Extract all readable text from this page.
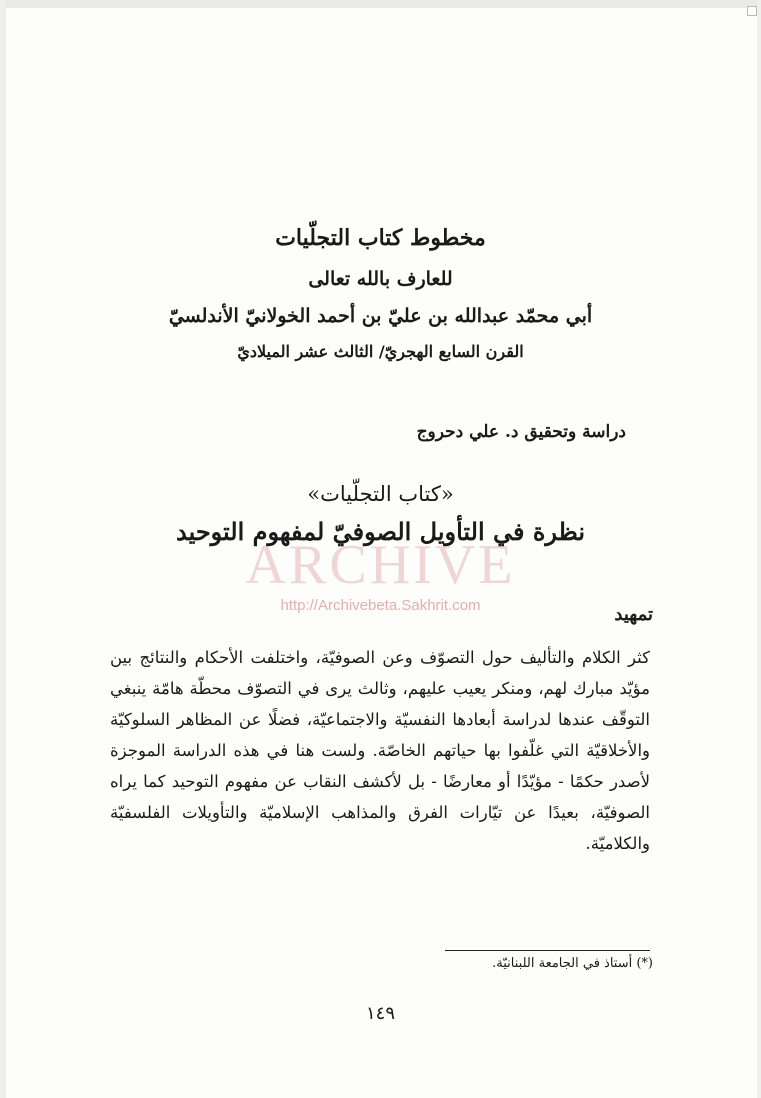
مخطوط كتاب التجلّيات
للعارف بالله تعالى
أبي محمّد عبدالله بن عليّ بن أحمد الخولانيّ الأندلسيّ
القرن السابع الهجريّ/ الثالث عشر الميلاديّ
دراسة وتحقيق د. علي دحروج
«كتاب التجلّيات»
نظرة في التأويل الصوفيّ لمفهوم التوحيد
ARCHIVE
http://Archivebeta.Sakhrit.com	تمهيد
كثر الكلام والتأليف حول التصوّف وعن الصوفيّة، واختلفت الأحكام والنتائج بين مؤيّد مبارك لهم، ومنكر يعيب عليهم، وثالث يرى في التصوّف محطّة هامّة ينبغي التوقّف عندها لدراسة أبعادها النفسيّة والاجتماعيّة، فضلًا عن المظاهر السلوكيّة والأخلاقيّة التي غلّفوا بها حياتهم الخاصّة. ولست هنا في هذه الدراسة الموجزة لأصدر حكمًا - مؤيّدًا أو معارضًا - بل لأكشف النقاب عن مفهوم التوحيد كما يراه الصوفيّة، بعيدًا عن تيّارات الفرق والمذاهب الإسلاميّة والتأويلات الفلسفيّة والكلاميّة.
(*) أستاذ في الجامعة اللبنانيّة.
١٤٩
